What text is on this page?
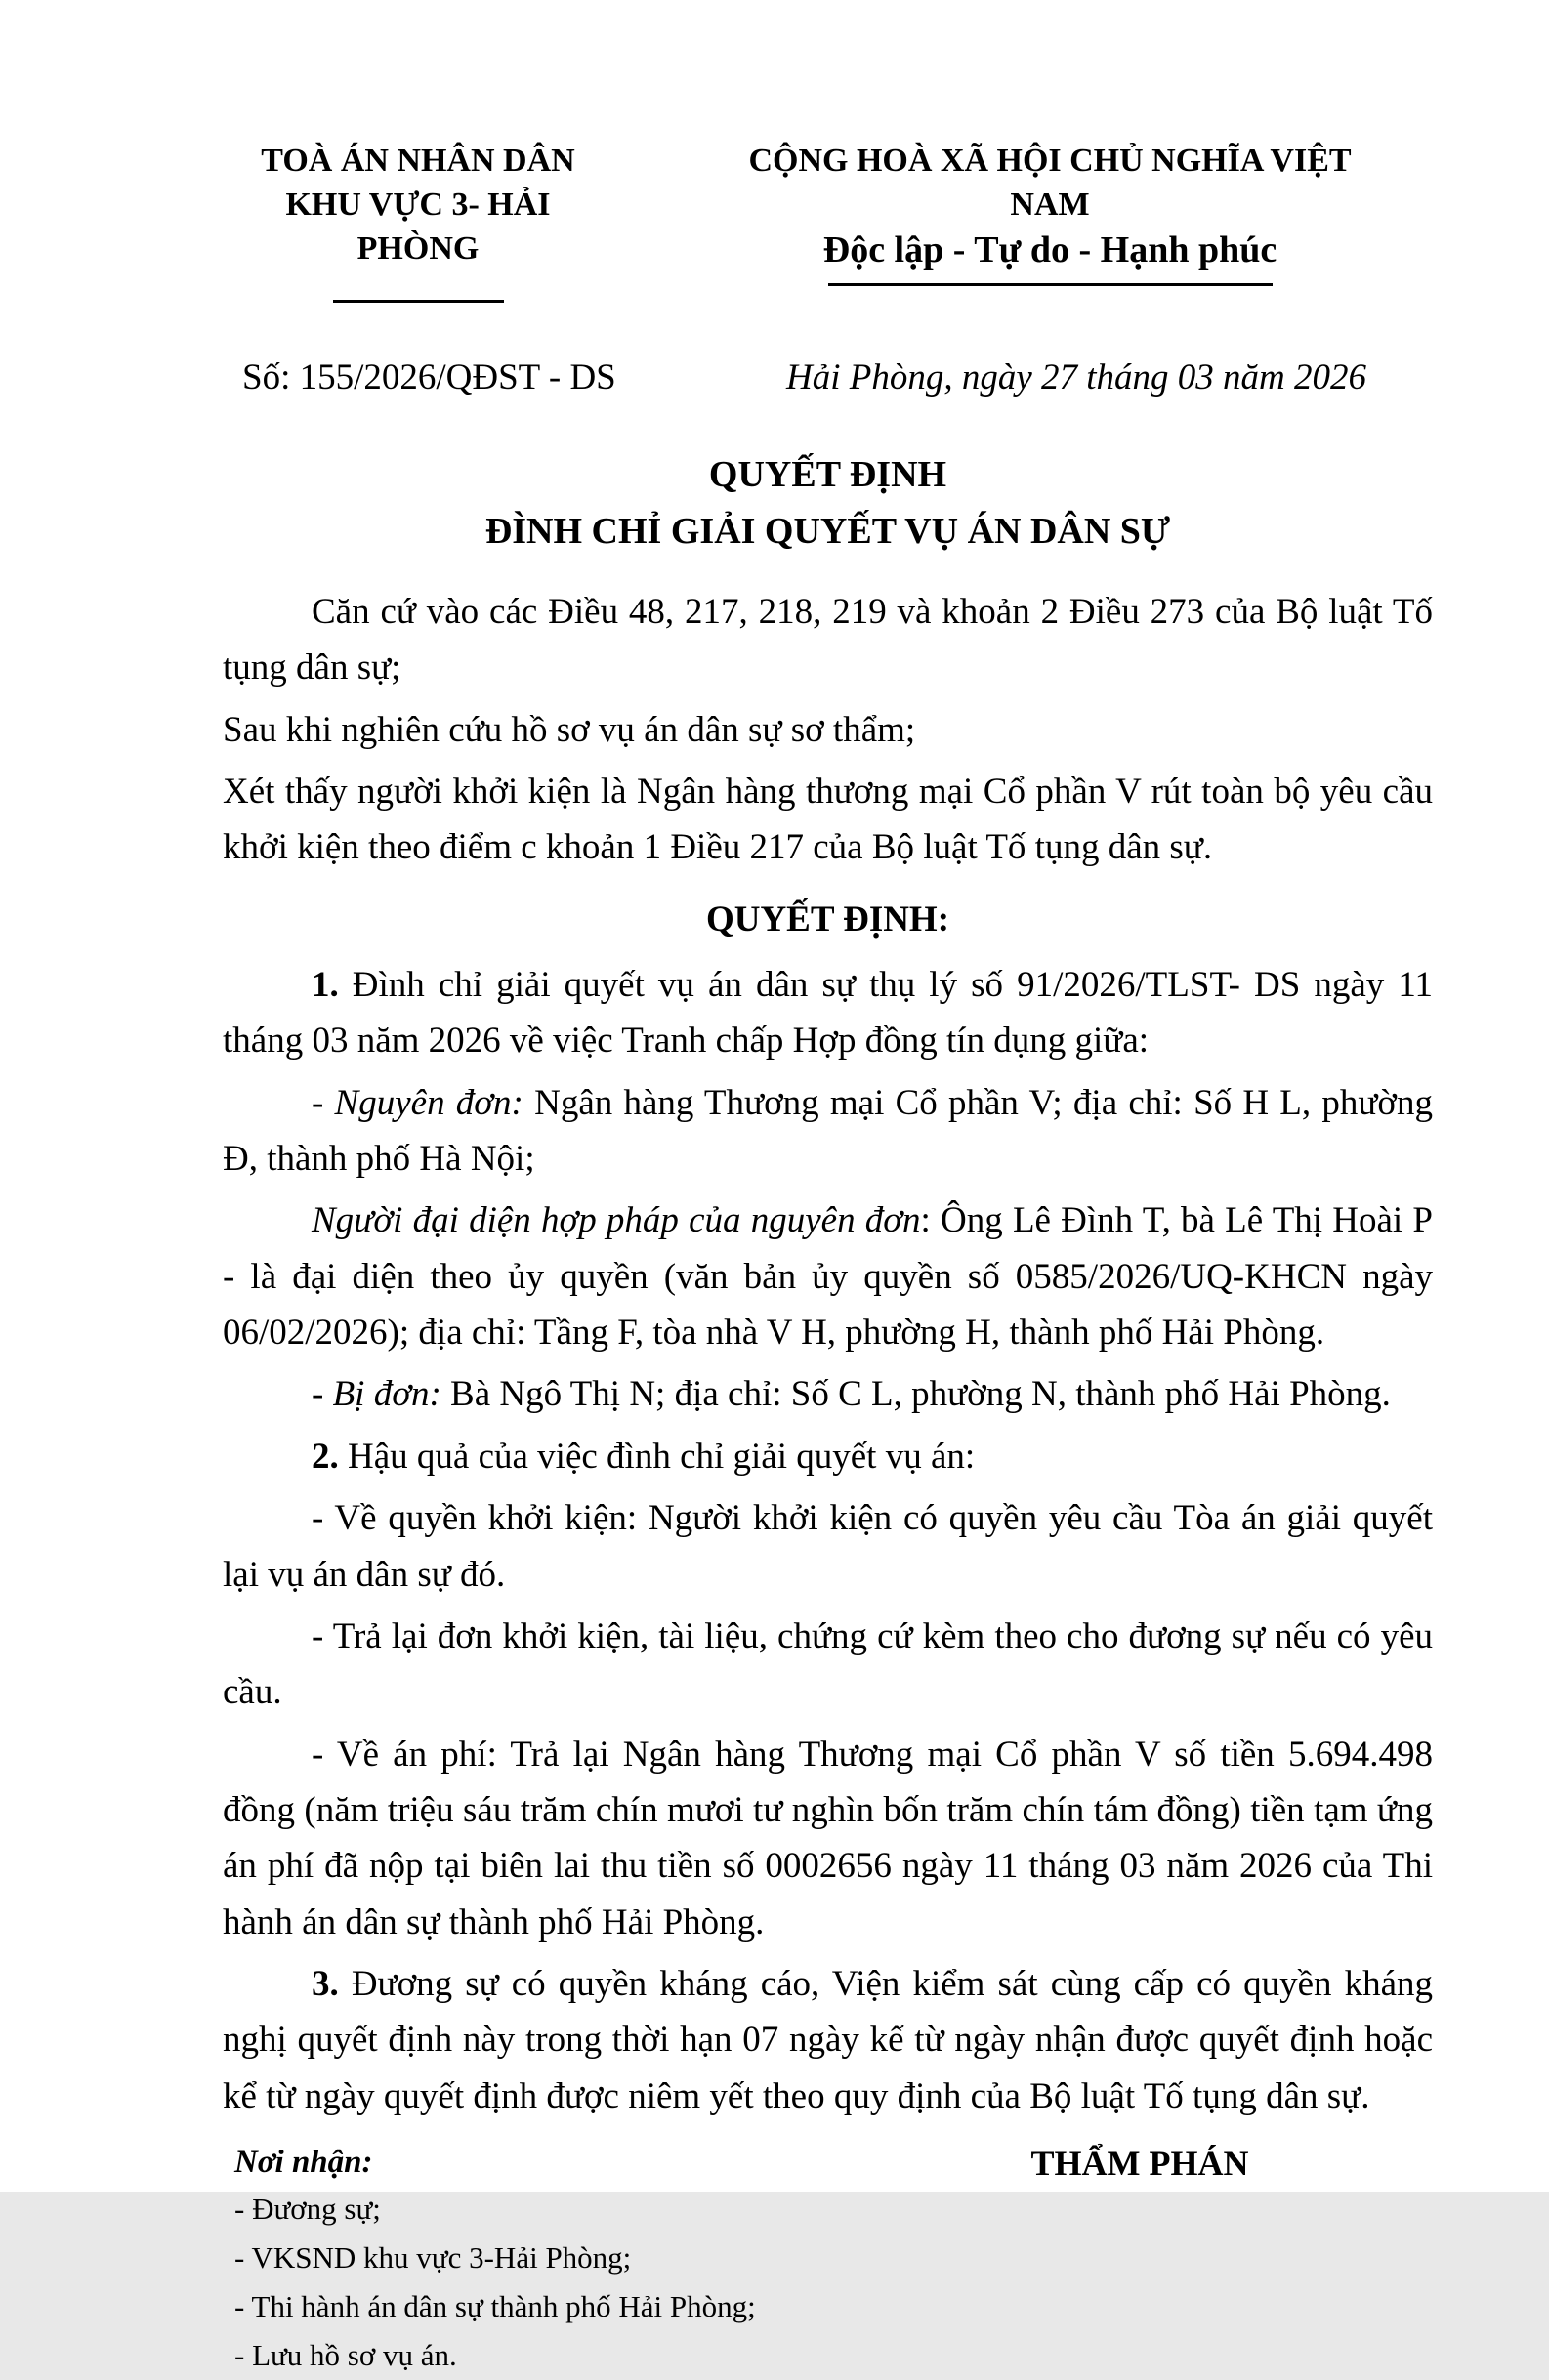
TOÀ ÁN NHÂN DÂN
KHU VỰC 3- HẢI PHÒNG
CỘNG HOÀ XÃ HỘI CHỦ NGHĨA VIỆT NAM
Độc lập - Tự do - Hạnh phúc
Số: 155/2026/QĐST - DS	Hải Phòng, ngày 27 tháng 03 năm 2026
QUYẾT ĐỊNH
ĐÌNH CHỈ GIẢI QUYẾT VỤ ÁN DÂN SỰ

Căn cứ vào các Điều 48, 217, 218, 219 và khoản 2 Điều 273 của Bộ luật Tố tụng dân sự;

Sau khi nghiên cứu hồ sơ vụ án dân sự sơ thẩm;

Xét thấy người khởi kiện là Ngân hàng thương mại Cổ phần V rút toàn bộ yêu cầu khởi kiện theo điểm c khoản 1 Điều 217 của Bộ luật Tố tụng dân sự.

QUYẾT ĐỊNH:

1. Đình chỉ giải quyết vụ án dân sự thụ lý số 91/2026/TLST- DS ngày 11 tháng 03 năm 2026 về việc Tranh chấp Hợp đồng tín dụng giữa:

- Nguyên đơn: Ngân hàng Thương mại Cổ phần V; địa chỉ: Số H L, phường Đ, thành phố Hà Nội;

Người đại diện hợp pháp của nguyên đơn: Ông Lê Đình T, bà Lê Thị Hoài P - là đại diện theo ủy quyền (văn bản ủy quyền số 0585/2026/UQ-KHCN ngày 06/02/2026); địa chỉ: Tầng F, tòa nhà V H, phường H, thành phố Hải Phòng.

- Bị đơn: Bà Ngô Thị N; địa chỉ: Số C L, phường N, thành phố Hải Phòng.

2. Hậu quả của việc đình chỉ giải quyết vụ án:

- Về quyền khởi kiện: Người khởi kiện có quyền yêu cầu Tòa án giải quyết lại vụ án dân sự đó.

- Trả lại đơn khởi kiện, tài liệu, chứng cứ kèm theo cho đương sự nếu có yêu cầu.

- Về án phí: Trả lại Ngân hàng Thương mại Cổ phần V số tiền 5.694.498 đồng (năm triệu sáu trăm chín mươi tư nghìn bốn trăm chín tám đồng) tiền tạm ứng án phí đã nộp tại biên lai thu tiền số 0002656 ngày 11 tháng 03 năm 2026 của Thi hành án dân sự thành phố Hải Phòng.

3. Đương sự có quyền kháng cáo, Viện kiểm sát cùng cấp có quyền kháng nghị quyết định này trong thời hạn 07 ngày kể từ ngày nhận được quyết định hoặc kể từ ngày quyết định được niêm yết theo quy định của Bộ luật Tố tụng dân sự.

Nơi nhận:
- Đương sự;
- VKSND khu vực 3-Hải Phòng;
- Thi hành án dân sự thành phố Hải Phòng;
- Lưu hồ sơ vụ án.
THẨM PHÁN
